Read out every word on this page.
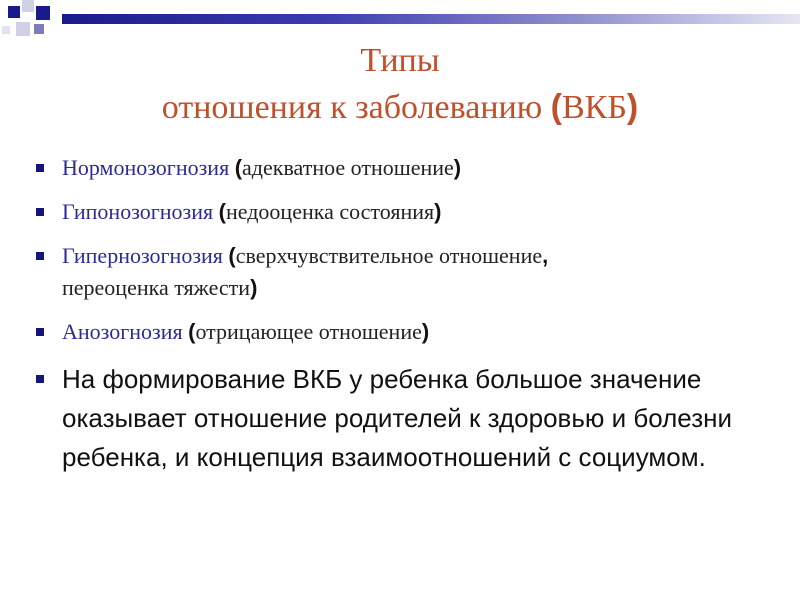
Типы
отношения к заболеванию (ВКБ)
Нормонозогнозия (адекватное отношение)
Гипонозогнозия (недооценка состояния)
Гипернозогнозия (сверхчувствительное отношение,
переоценка тяжести)
Анозогнозия (отрицающее отношение)
На формирование ВКБ у ребенка большое значение оказывает отношение родителей к здоровью и болезни ребенка, и концепция взаимоотношений с социумом.
